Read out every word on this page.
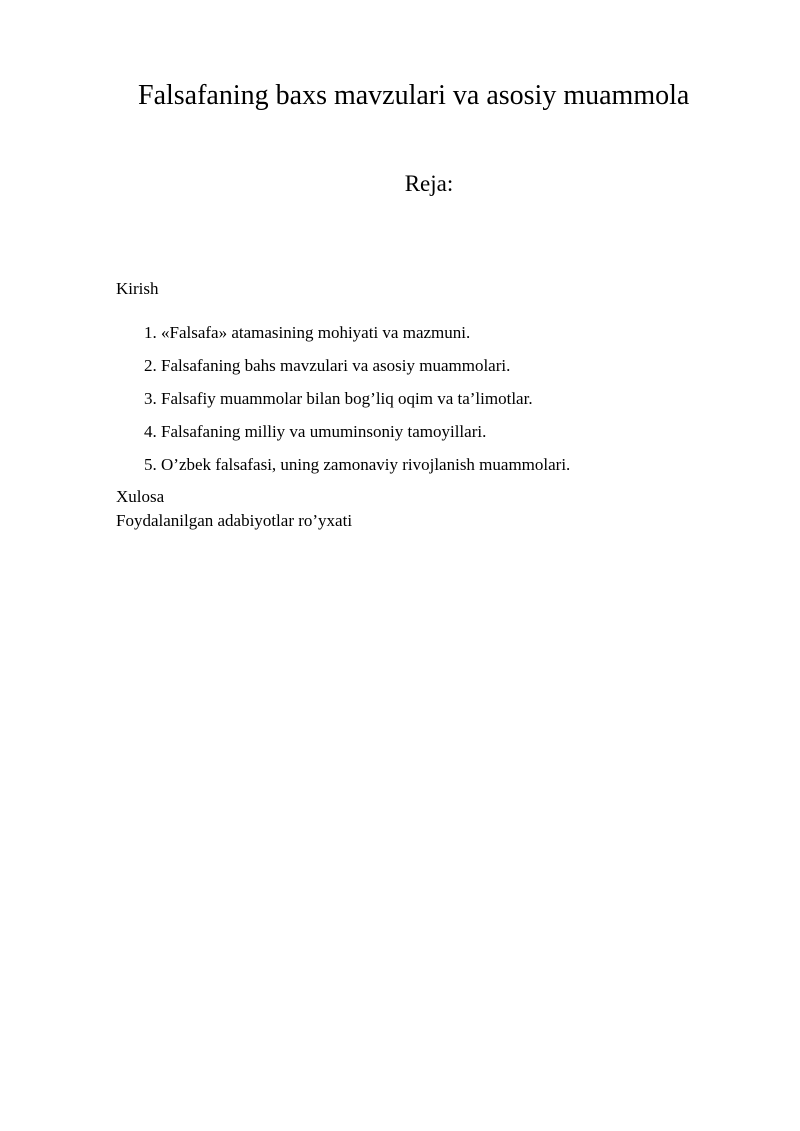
Falsafaning baxs mavzulari va asosiy muammola
Reja:

Kirish

1. «Falsafa» atamasining mohiyati va mazmuni.
2. Falsafaning bahs mavzulari va asosiy muammolari.
3. Falsafiy muammolar bilan bog’liq oqim va ta’limotlar.
4. Falsafaning milliy va umuminsoniy tamoyillari.
5. O’zbek falsafasi, uning zamonaviy rivojlanish muammolari.

Xulosa

Foydalanilgan adabiyotlar ro’yxati
